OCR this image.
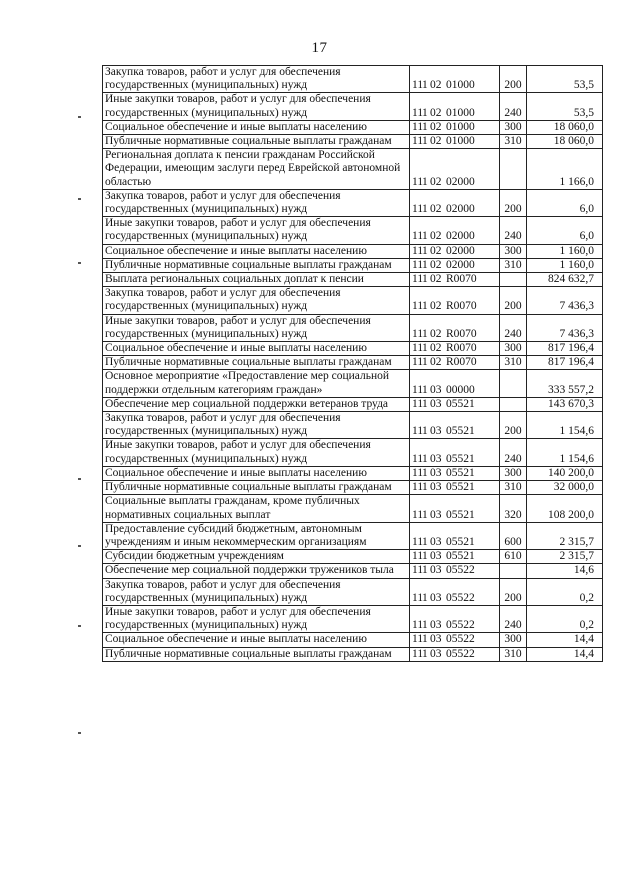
17
Закупка товаров, работ и услуг для обеспечения государственных (муниципальных) нужд	111 02 01000	200	53,5
Иные закупки товаров, работ и услуг для обеспечения государственных (муниципальных) нужд	111 02 01000	240	53,5
Социальное обеспечение и иные выплаты населению	111 02 01000	300	18 060,0
Публичные нормативные социальные выплаты гражданам	111 02 01000	310	18 060,0
Региональная доплата к пенсии гражданам Российской Федерации, имеющим заслуги перед Еврейской автономной областью	111 02 02000		1 166,0
Закупка товаров, работ и услуг для обеспечения государственных (муниципальных) нужд	111 02 02000	200	6,0
Иные закупки товаров, работ и услуг для обеспечения государственных (муниципальных) нужд	111 02 02000	240	6,0
Социальное обеспечение и иные выплаты населению	111 02 02000	300	1 160,0
Публичные нормативные социальные выплаты гражданам	111 02 02000	310	1 160,0
Выплата региональных социальных доплат к пенсии	111 02 R0070		824 632,7
Закупка товаров, работ и услуг для обеспечения государственных (муниципальных) нужд	111 02 R0070	200	7 436,3
Иные закупки товаров, работ и услуг для обеспечения государственных (муниципальных) нужд	111 02 R0070	240	7 436,3
Социальное обеспечение и иные выплаты населению	111 02 R0070	300	817 196,4
Публичные нормативные социальные выплаты гражданам	111 02 R0070	310	817 196,4
Основное мероприятие «Предоставление мер социальной поддержки отдельным категориям граждан»	111 03 00000		333 557,2
Обеспечение мер социальной поддержки ветеранов труда	111 03 05521		143 670,3
Закупка товаров, работ и услуг для обеспечения государственных (муниципальных) нужд	111 03 05521	200	1 154,6
Иные закупки товаров, работ и услуг для обеспечения государственных (муниципальных) нужд	111 03 05521	240	1 154,6
Социальное обеспечение и иные выплаты населению	111 03 05521	300	140 200,0
Публичные нормативные социальные выплаты гражданам	111 03 05521	310	32 000,0
Социальные выплаты гражданам, кроме публичных нормативных социальных выплат	111 03 05521	320	108 200,0
Предоставление субсидий бюджетным, автономным учреждениям и иным некоммерческим организациям	111 03 05521	600	2 315,7
Субсидии бюджетным учреждениям	111 03 05521	610	2 315,7
Обеспечение мер социальной поддержки тружеников тыла	111 03 05522		14,6
Закупка товаров, работ и услуг для обеспечения государственных (муниципальных) нужд	111 03 05522	200	0,2
Иные закупки товаров, работ и услуг для обеспечения государственных (муниципальных) нужд	111 03 05522	240	0,2
Социальное обеспечение и иные выплаты населению	111 03 05522	300	14,4
Публичные нормативные социальные выплаты гражданам	111 03 05522	310	14,4
